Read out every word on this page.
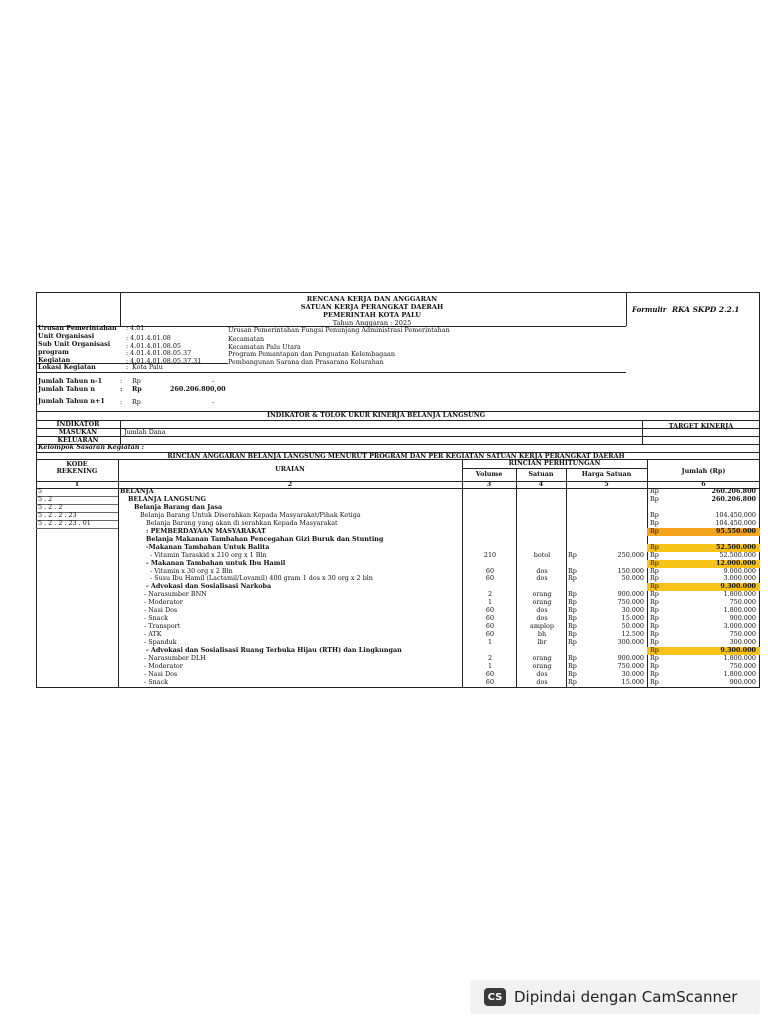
RENCANA KERJA DAN ANGGARAN
SATUAN KERJA PERANGKAT DAERAH
PEMERINTAH KOTA PALU
Tahun Anggaran : 2025
Formulir RKA SKPD 2.2.1
Urusan Pemerintahan : 4.01	Urusan Pemerintahan Fungsi Penunjang Administrasi Pemerintahan
Unit Organisasi	: 4.01.4.01.08	Kecamatan
Sub Unit Organisasi : 4.01.4.01.08.05	Kecamatan Palu Utara
program	: 4.01.4.01.08.05.37	Program Pemantapan dan Penguatan Kelembagaan
Kegiatan	: 4.01.4.01.08.05.37.31	Pembangunan Sarana dan Prasarana Kelurahan
Lokasi Kegiatan	: Kota Palu
Jumlah Tahun n-1	: Rp	-
Jumlah Tahun n	: Rp	260.206.800,00
Jumlah Tahun n+1 : Rp	-
INDIKATOR & TOLOK UKUR KINERJA BELANJA LANGSUNG
INDIKATOR	TARGET KINERJA
MASUKAN	Jumlah Dana
KELUARAN
Kelompok Sasaran Kegiatan :
RINCIAN ANGGARAN BELANJA LANGSUNG MENURUT PROGRAM DAN PER KEGIATAN SATUAN KERJA PERANGKAT DAERAH
KODE
REKENING	URAIAN
RINCIAN PERHITUNGAN
Volume	Satuan	Harga Satuan	Jumlah (Rp)
1	2	3	4	5	6
5	BELANJA	Rp	260.206.800
5 . 2	BELANJA LANGSUNG	Rp	260.206.800
5 . 2 . 2	Belanja Barang dan Jasa
5 . 2 . 2 . 23	Belanja Barang Untuk Diserahkan Kepada Masyarakat/Pihak Ketiga	Rp	104.450.000
5 . 2 . 2 . 23 . 01	Belanja Barang yang akan di serahkan Kepada Masyarakat	Rp	104.450.000
: PEMBERDAYAAN MASYARAKAT	Rp	95.550.000
Belanja Makanan Tambahan Pencegahan Gizi Buruk dan Stunting
-Makanan Tambahan Untuk Balita	Rp	52.500.000
- Vitamin Taraskid x 210 org x 1 Bln	210	botol	Rp	250.000 Rp	52.500.000
- Makanan Tambahan untuk Ibu Hamil	Rp	12.000.000
- Vitamin x 30 org x 2 Bln	60	dos	Rp	150.000 Rp	9.000.000
- Susu Ibu Hamil (Lactamil/Lovamil) 400 gram 1 dos x 30 org x 2 bln	60	dos	Rp	50.000 Rp	3.000.000
- Advokasi dan Sosialisasi Narkoba	Rp	9.300.000
- Narasumber BNN	2	orang	Rp	900.000 Rp	1.800.000
- Moderator	1	orang	Rp	750.000 Rp	750.000
- Nasi Dos	60	dos	Rp	30.000 Rp	1.800.000
- Snack	60	dos	Rp	15.000 Rp	900.000
- Transport	60	amplop	Rp	50.000 Rp	3.000.000
- ATK	60	bh	Rp	12.500 Rp	750.000
- Spanduk	1	lbr	Rp	300.000 Rp	300.000
- Advokasi dan Sosialisasi Ruang Terbuka Hijau (RTH) dan Lingkungan	Rp	9.300.000
- Narasumber DLH	2	orang	Rp	900.000 Rp	1.800.000
- Moderator	1	orang	Rp	750.000 Rp	750.000
- Nasi Dos	60	dos	Rp	30.000 Rp	1.800.000
- Snack	60	dos	Rp	15.000 Rp	900.000
CS Dipindai dengan CamScanner
